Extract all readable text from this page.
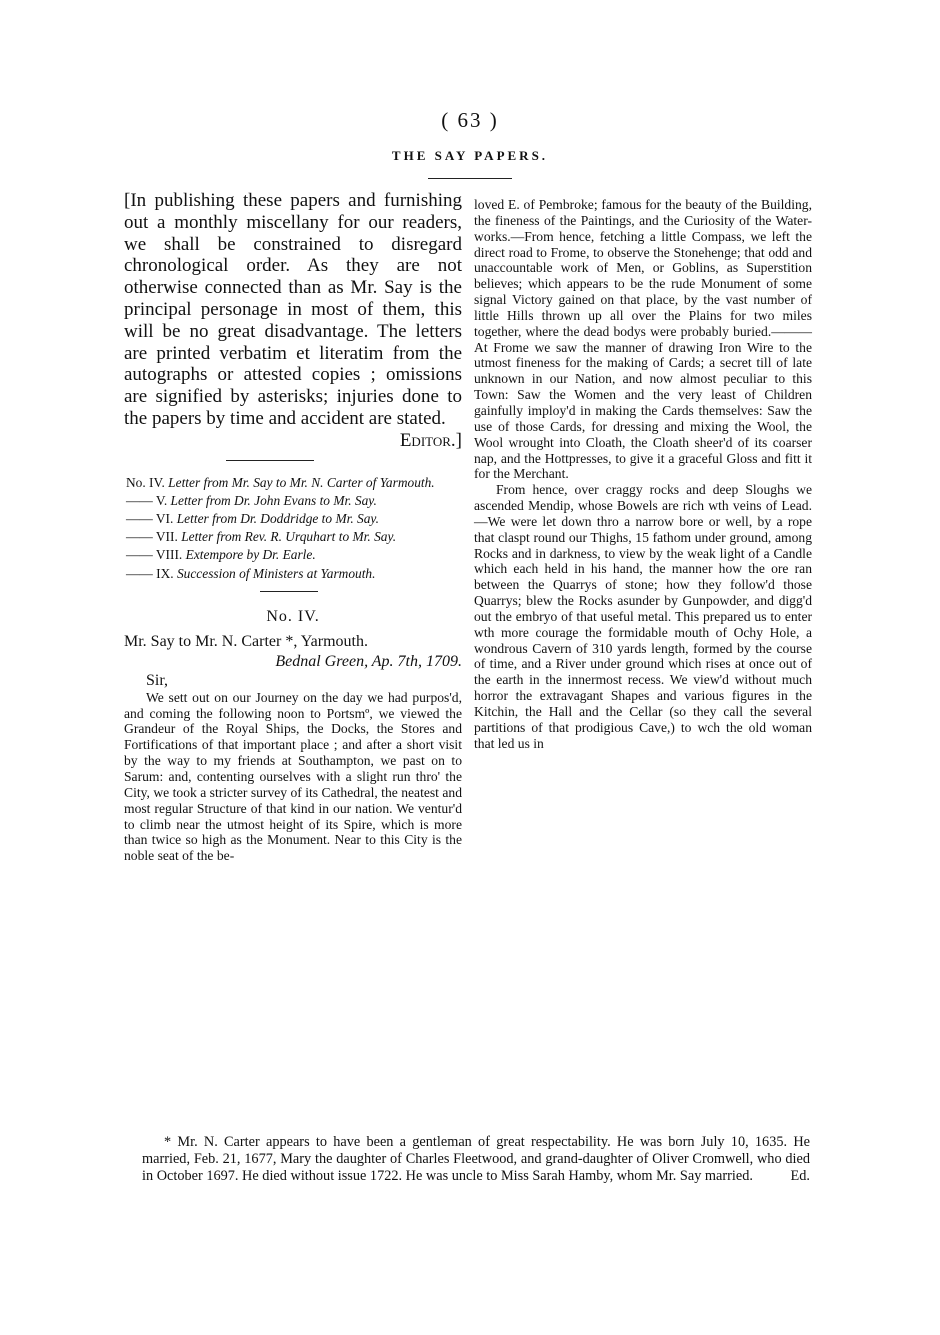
( 63 )
THE SAY PAPERS.

[In publishing these papers and furnishing out a monthly miscellany for our readers, we shall be constrained to disregard chronological order. As they are not otherwise connected than as Mr. Say is the principal personage in most of them, this will be no great disadvantage. The letters are printed verbatim et literatim from the autographs or attested copies ; omissions are signified by asterisks; injuries done to the papers by time and accident are stated.
Editor.]

No. IV. Letter from Mr. Say to Mr. N. Carter of Yarmouth.
—— V. Letter from Dr. John Evans to Mr. Say.
—— VI. Letter from Dr. Doddridge to Mr. Say.
—— VII. Letter from Rev. R. Urquhart to Mr. Say.
—— VIII. Extempore by Dr. Earle.
—— IX. Succession of Ministers at Yarmouth.
No. IV.

Mr. Say to Mr. N. Carter *, Yarmouth.

Bednal Green, Ap. 7th, 1709.

Sir,

We sett out on our Journey on the day we had purpos'd, and coming the following noon to Portsmº, we viewed the Grandeur of the Royal Ships, the Docks, the Stores and Fortifications of that important place ; and after a short visit by the way to my friends at Southampton, we past on to Sarum: and, contenting ourselves with a slight run thro' the City, we took a stricter survey of its Cathedral, the neatest and most regular Structure of that kind in our nation. We ventur'd to climb near the utmost height of its Spire, which is more than twice so high as the Monument. Near to this City is the noble seat of the be-

loved E. of Pembroke; famous for the beauty of the Building, the fineness of the Paintings, and the Curiosity of the Water-works.—From hence, fetching a little Compass, we left the direct road to Frome, to observe the Stonehenge; that odd and unaccountable work of Men, or Goblins, as Superstition believes; which appears to be the rude Monument of some signal Victory gained on that place, by the vast number of little Hills thrown up all over the Plains for two miles together, where the dead bodys were probably buried.———At Frome we saw the manner of drawing Iron Wire to the utmost fineness for the making of Cards; a secret till of late unknown in our Nation, and now almost peculiar to this Town: Saw the Women and the very least of Children gainfully imploy'd in making the Cards themselves: Saw the use of those Cards, for dressing and mixing the Wool, the Wool wrought into Cloath, the Cloath sheer'd of its coarser nap, and the Hottpresses, to give it a graceful Gloss and fitt it for the Merchant.

From hence, over craggy rocks and deep Sloughs we ascended Mendip, whose Bowels are rich wth veins of Lead.—We were let down thro a narrow bore or well, by a rope that claspt round our Thighs, 15 fathom under ground, among Rocks and in darkness, to view by the weak light of a Candle which each held in his hand, the manner how the ore ran between the Quarrys of stone; how they follow'd those Quarrys; blew the Rocks asunder by Gunpowder, and digg'd out the embryo of that useful metal. This prepared us to enter wth more courage the formidable mouth of Ochy Hole, a wondrous Cavern of 310 yards length, formed by the course of time, and a River under ground which rises at once out of the earth in the innermost recess. We view'd without much horror the extravagant Shapes and various figures in the Kitchin, the Hall and the Cellar (so they call the several partitions of that prodigious Cave,) to wch the old woman that led us in

* Mr. N. Carter appears to have been a gentleman of great respectability. He was born July 10, 1635. He married, Feb. 21, 1677, Mary the daughter of Charles Fleetwood, and grand-daughter of Oliver Cromwell, who died in October 1697. He died without issue 1722. He was uncle to Miss Sarah Hamby, whom Mr. Say married.	Ed.
